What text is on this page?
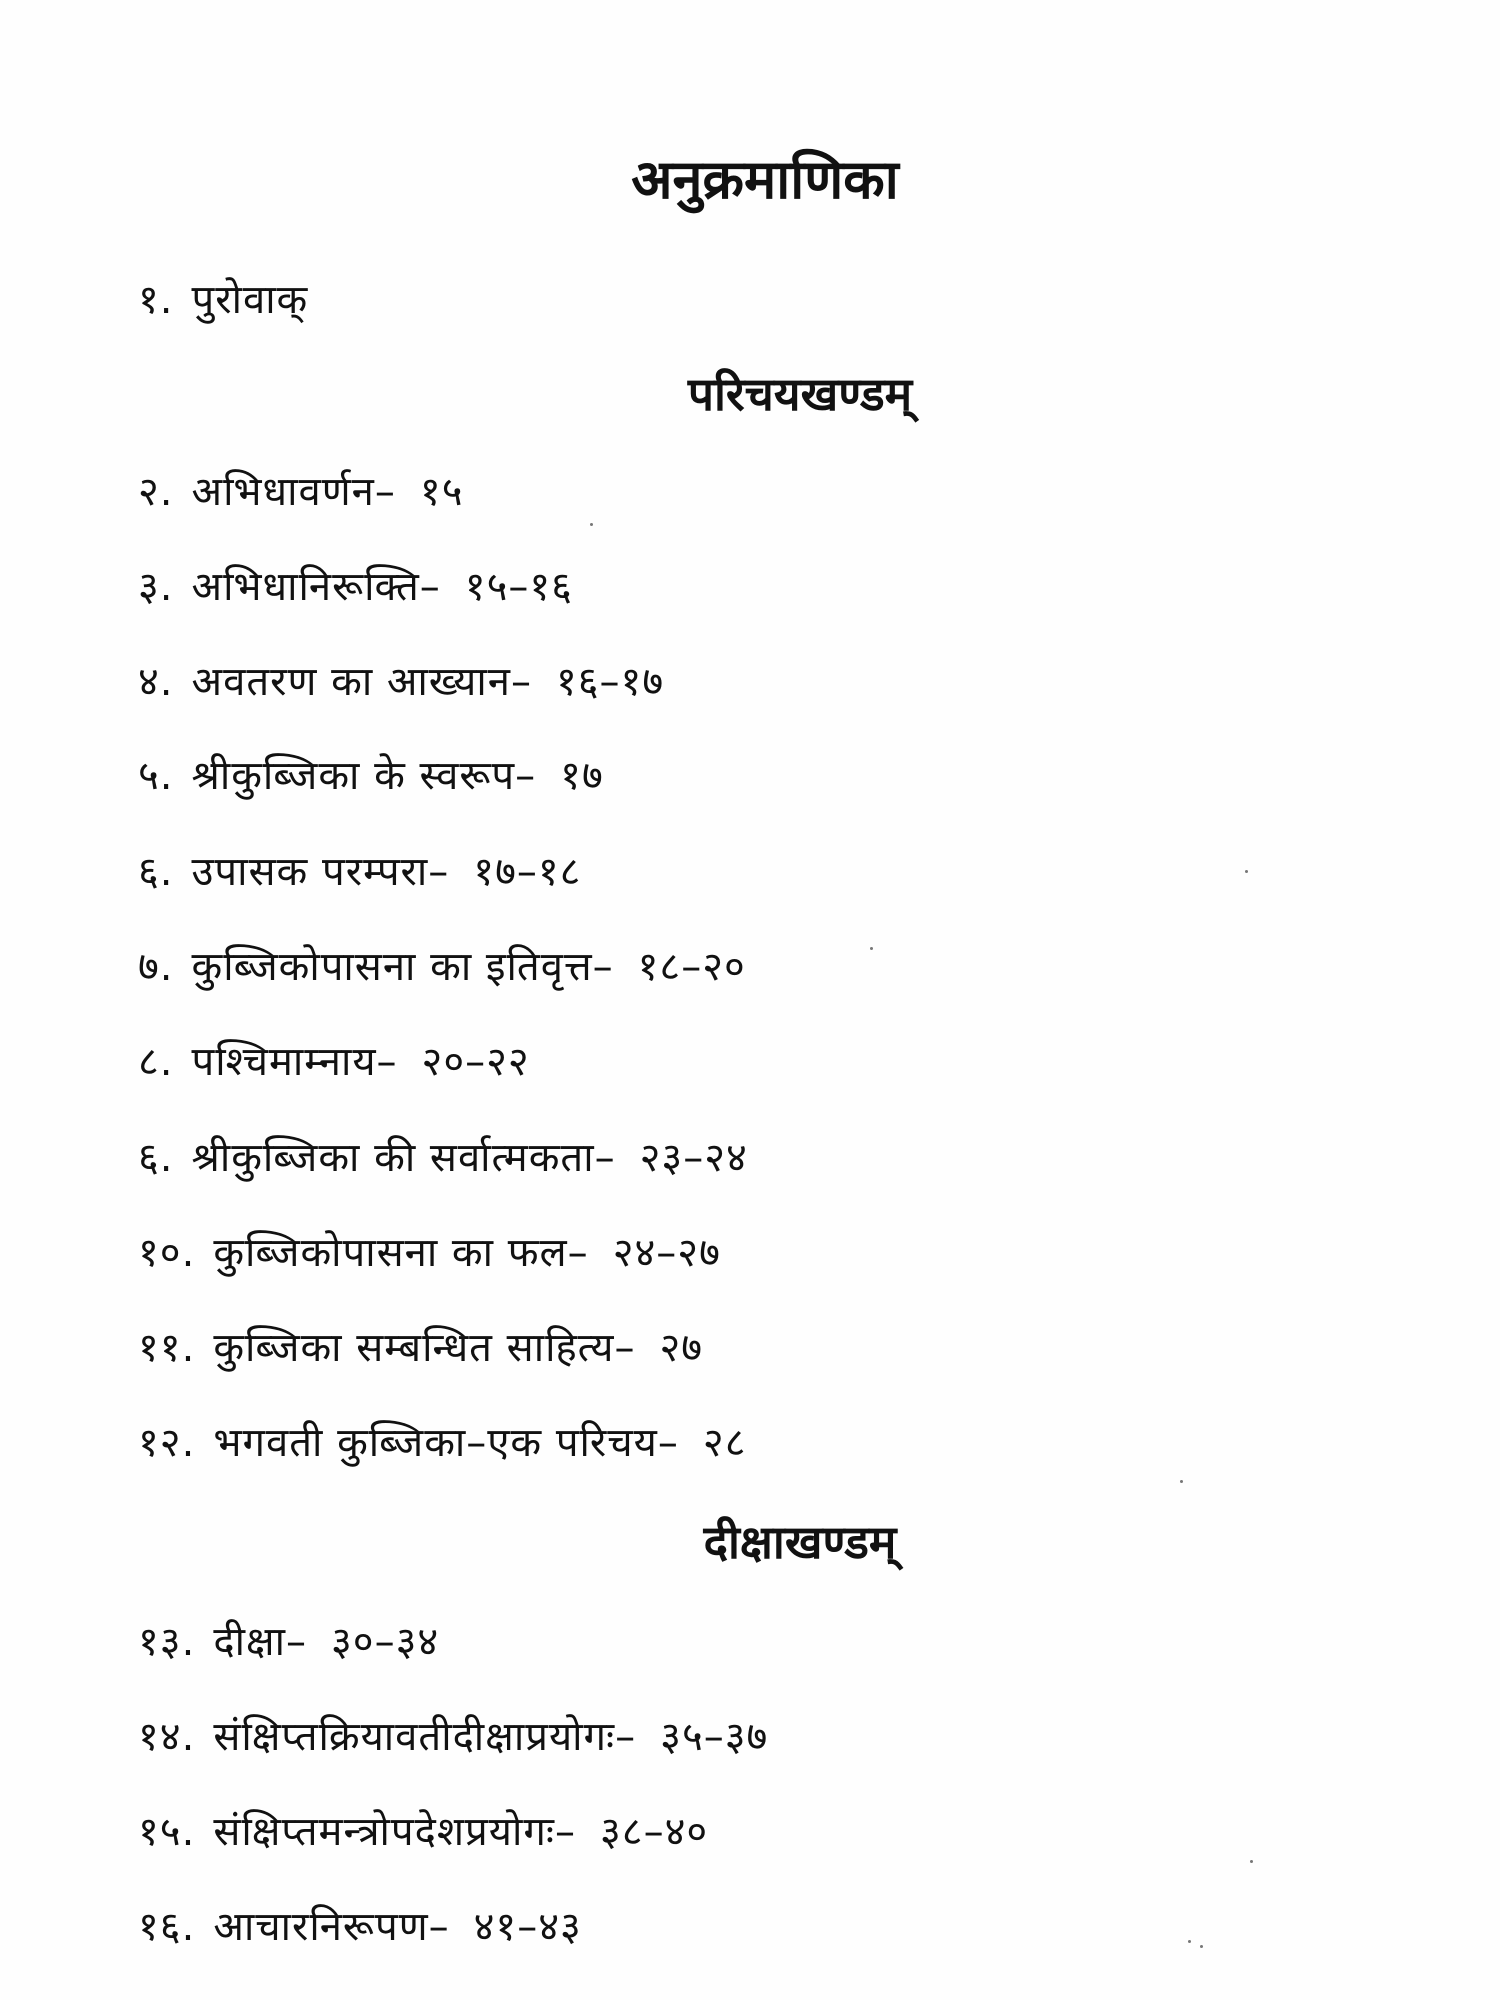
अनुक्रमाणिका
१. पुरोवाक्
परिचयखण्डम्
२. अभिधावर्णन– १५
३. अभिधानिरूक्ति– १५–१६
४. अवतरण का आख्यान– १६–१७
५. श्रीकुब्जिका के स्वरूप– १७
६. उपासक परम्परा– १७–१८
७. कुब्जिकोपासना का इतिवृत्त– १८–२०
८. पश्चिमाम्नाय– २०–२२
६. श्रीकुब्जिका की सर्वात्मकता– २३–२४
१०. कुब्जिकोपासना का फल– २४–२७
११. कुब्जिका सम्बन्धित साहित्य– २७
१२. भगवती कुब्जिका–एक परिचय– २८
दीक्षाखण्डम्
१३. दीक्षा– ३०–३४
१४. संक्षिप्तक्रियावतीदीक्षाप्रयोगः– ३५–३७
१५. संक्षिप्तमन्त्रोपदेशप्रयोगः– ३८–४०
१६. आचारनिरूपण– ४१–४३
